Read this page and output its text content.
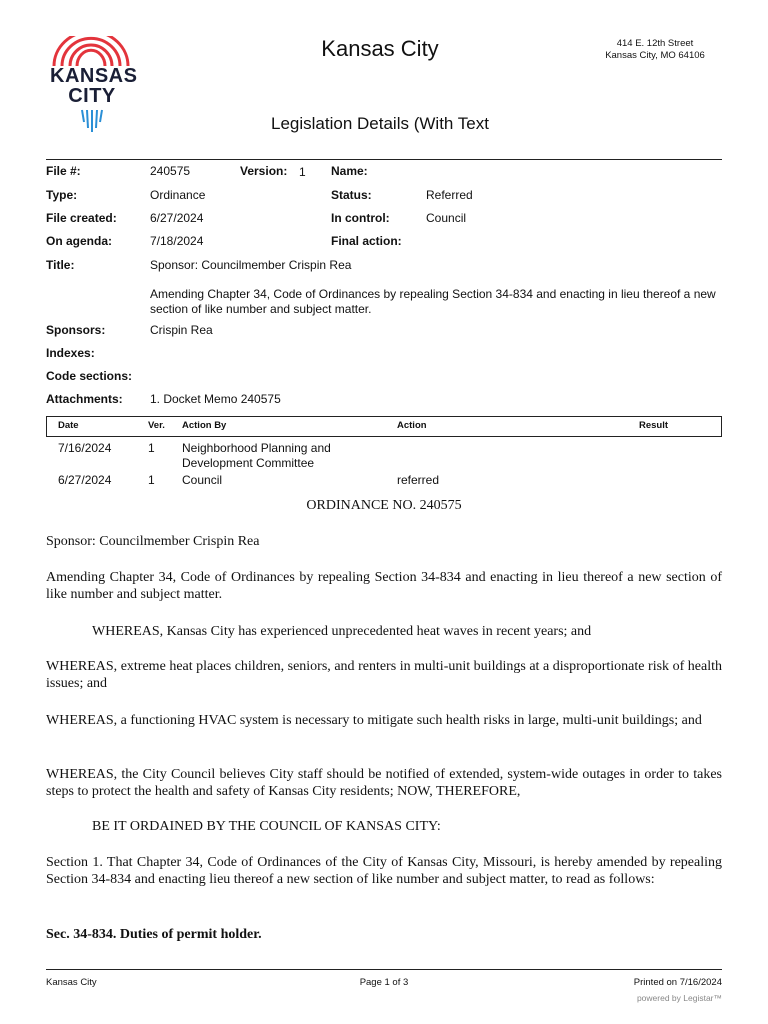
KANSAS
CITY
Kansas City	414 E. 12th Street
Kansas City, MO 64106
Legislation Details (With Text
File #:	240575	Version: 1 Name:
Type:	Ordinance	Status:	Referred
File created:	6/27/2024	In control:	Council
On agenda:	7/18/2024	Final action:
Title:	Sponsor: Councilmember Crispin Rea
Amending Chapter 34, Code of Ordinances by repealing Section 34-834 and enacting in lieu thereof a new section of like number and subject matter.
Sponsors:	Crispin Rea
Indexes:
Code sections:
Attachments: 1. Docket Memo 240575
Date	Ver. Action By	Action	Result
7/16/2024	1 Neighborhood Planning and
Development Committee
6/27/2024	1 Council	referred
ORDINANCE NO. 240575
Sponsor: Councilmember Crispin Rea
Amending Chapter 34, Code of Ordinances by repealing Section 34-834 and enacting in lieu thereof a new section of like number and subject matter.
WHEREAS, Kansas City has experienced unprecedented heat waves in recent years; and
WHEREAS, extreme heat places children, seniors, and renters in multi-unit buildings at a disproportionate risk of health issues; and
WHEREAS, a functioning HVAC system is necessary to mitigate such health risks in large, multi-unit buildings; and
WHEREAS, the City Council believes City staff should be notified of extended, system-wide outages in order to takes steps to protect the health and safety of Kansas City residents; NOW, THEREFORE,
BE IT ORDAINED BY THE COUNCIL OF KANSAS CITY:
Section 1. That Chapter 34, Code of Ordinances of the City of Kansas City, Missouri, is hereby amended by repealing Section 34-834 and enacting lieu thereof a new section of like number and subject matter, to read as follows:
Sec. 34-834. Duties of permit holder.
Kansas City	Page 1 of 3	Printed on 7/16/2024
powered by Legistar™
